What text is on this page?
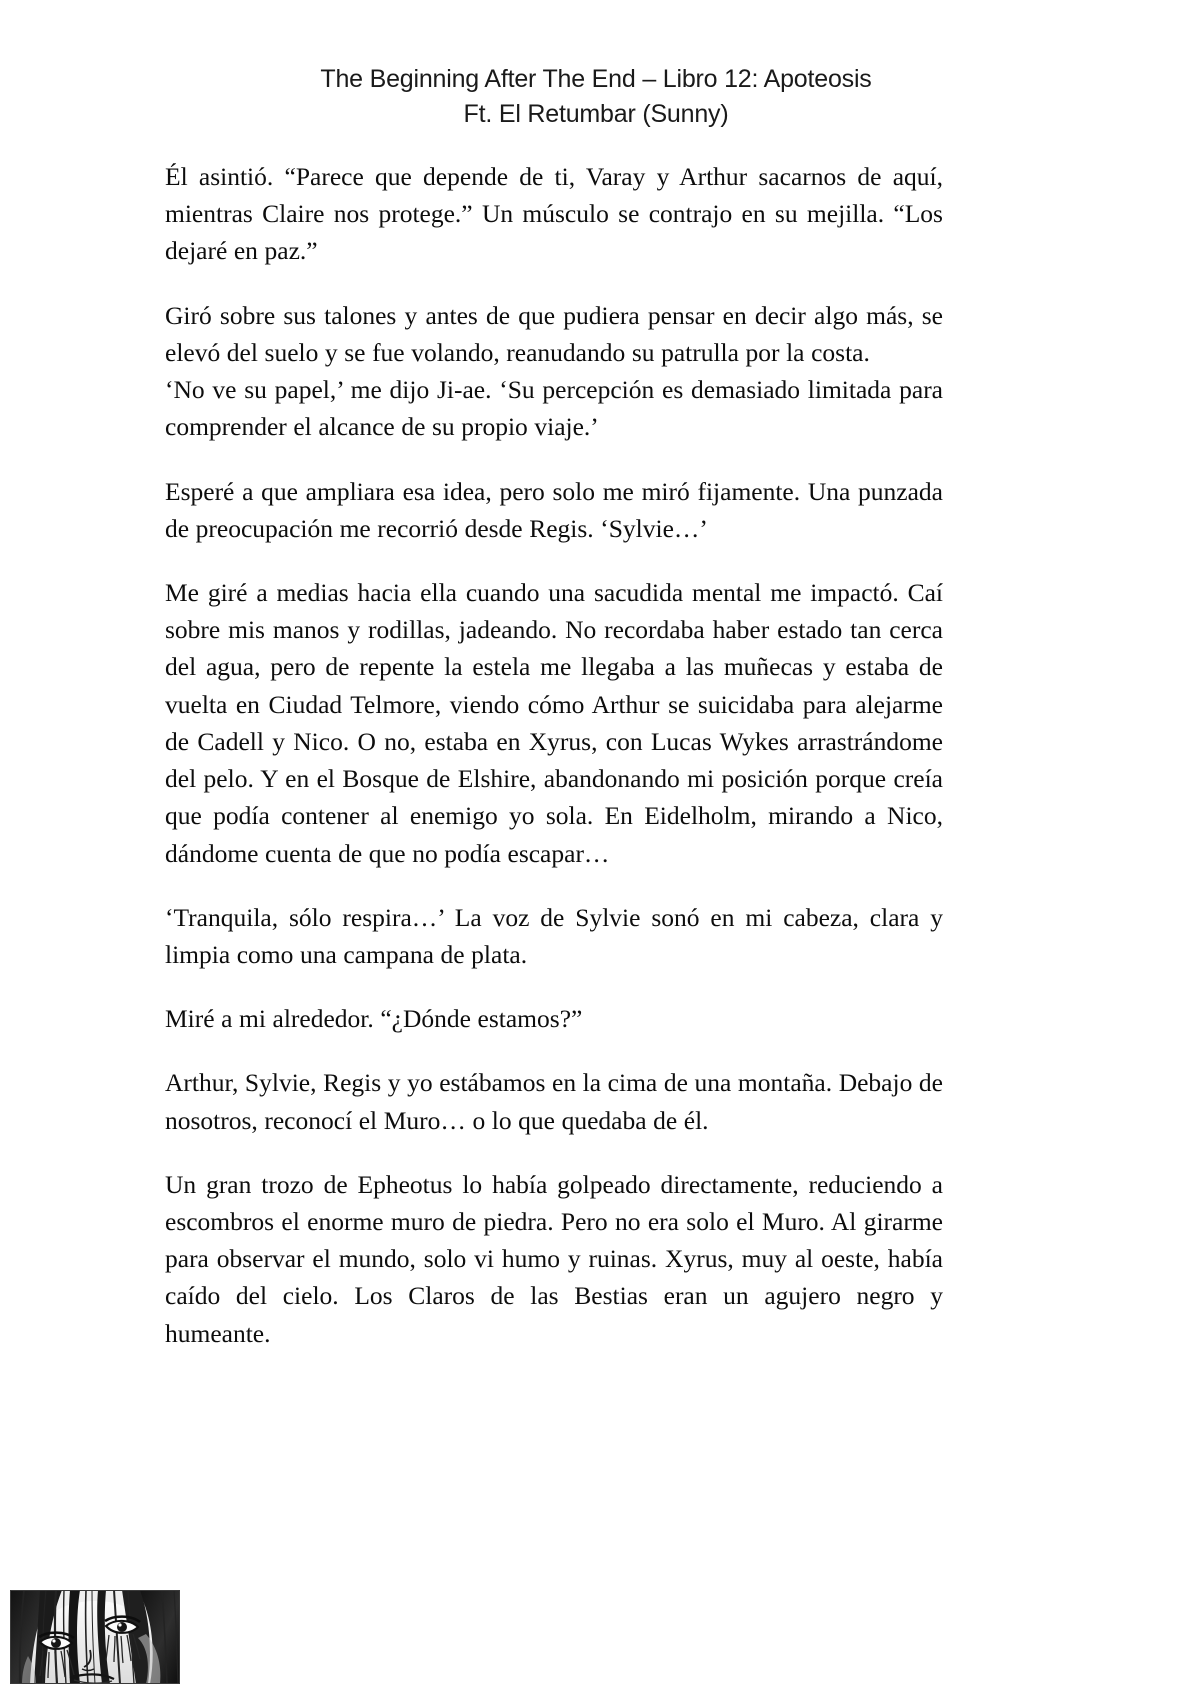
The Beginning After The End – Libro 12: Apoteosis
Ft. El Retumbar (Sunny)

Él asintió. “Parece que depende de ti, Varay y Arthur sacarnos de aquí, mientras Claire nos protege.” Un músculo se contrajo en su mejilla. “Los dejaré en paz.”

Giró sobre sus talones y antes de que pudiera pensar en decir algo más, se elevó del suelo y se fue volando, reanudando su patrulla por la costa.

‘No ve su papel,’ me dijo Ji-ae. ‘Su percepción es demasiado limitada para comprender el alcance de su propio viaje.’

Esperé a que ampliara esa idea, pero solo me miró fijamente. Una punzada de preocupación me recorrió desde Regis. ‘Sylvie…’

Me giré a medias hacia ella cuando una sacudida mental me impactó. Caí sobre mis manos y rodillas, jadeando. No recordaba haber estado tan cerca del agua, pero de repente la estela me llegaba a las muñecas y estaba de vuelta en Ciudad Telmore, viendo cómo Arthur se suicidaba para alejarme de Cadell y Nico. O no, estaba en Xyrus, con Lucas Wykes arrastrándome del pelo. Y en el Bosque de Elshire, abandonando mi posición porque creía que podía contener al enemigo yo sola. En Eidelholm, mirando a Nico, dándome cuenta de que no podía escapar…

‘Tranquila, sólo respira…’ La voz de Sylvie sonó en mi cabeza, clara y limpia como una campana de plata.

Miré a mi alrededor. “¿Dónde estamos?”

Arthur, Sylvie, Regis y yo estábamos en la cima de una montaña. Debajo de nosotros, reconocí el Muro… o lo que quedaba de él.

Un gran trozo de Epheotus lo había golpeado directamente, reduciendo a escombros el enorme muro de piedra. Pero no era solo el Muro. Al girarme para observar el mundo, solo vi humo y ruinas. Xyrus, muy al oeste, había caído del cielo. Los Claros de las Bestias eran un agujero negro y humeante.
